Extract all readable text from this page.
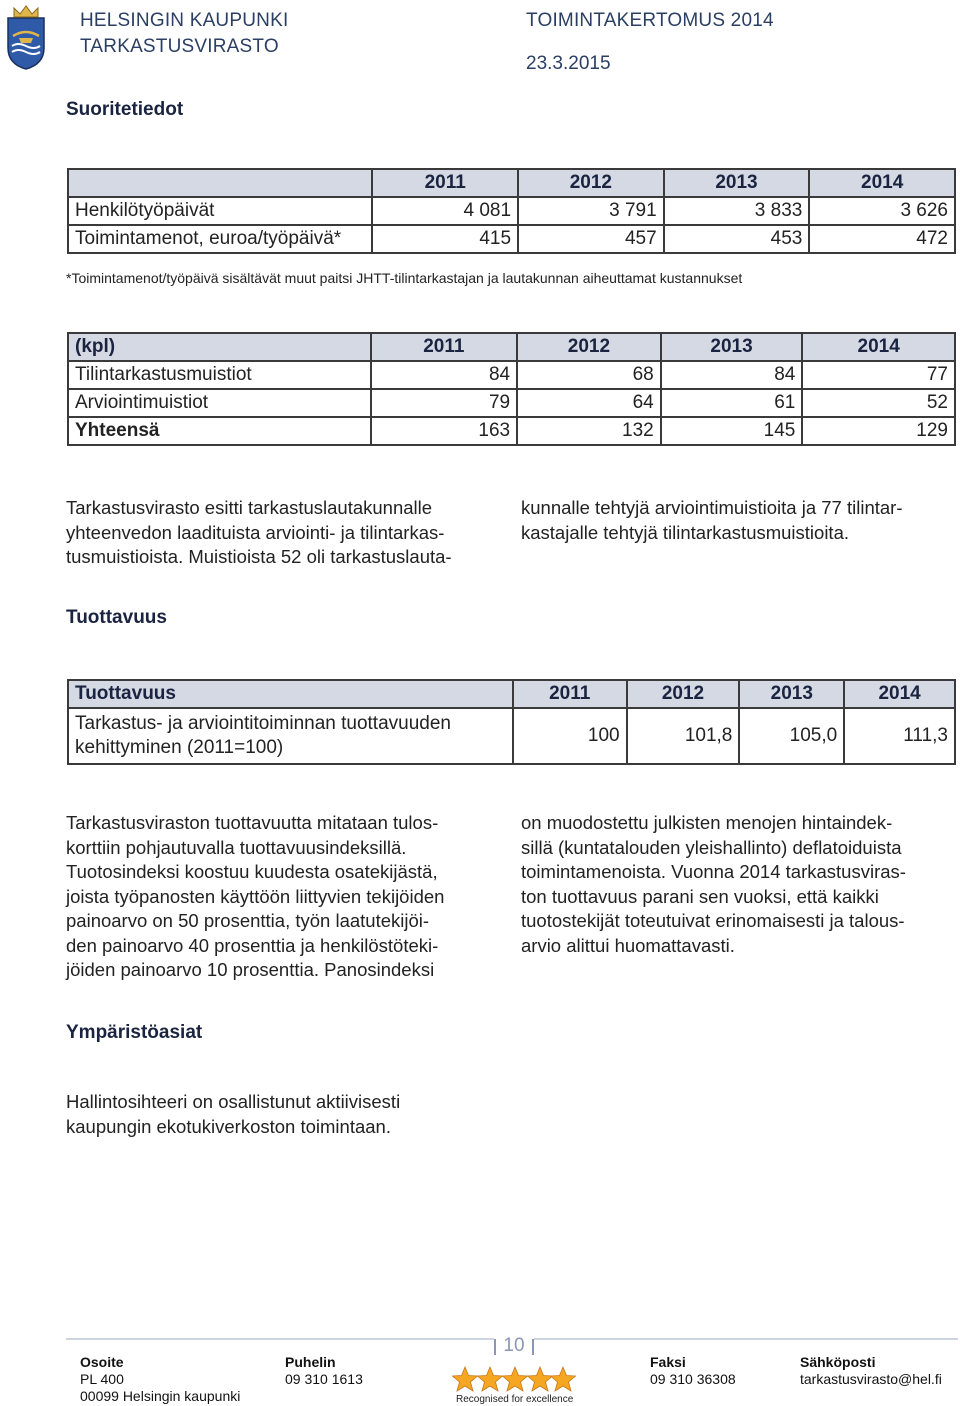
HELSINGIN KAUPUNKI
TARKASTUSVIRASTO
TOIMINTAKERTOMUS 2014
23.3.2015
Suoritetiedot
	2011	2012	2013	2014
Henkilötyöpäivät	4 081	3 791	3 833	3 626
Toimintamenot, euroa/työpäivä*	415	457	453	472
*Toimintamenot/työpäivä sisältävät muut paitsi JHTT-tilintarkastajan ja lautakunnan aiheuttamat kustannukset
(kpl)	2011	2012	2013	2014
Tilintarkastusmuistiot	84	68	84	77
Arviointimuistiot	79	64	61	52
Yhteensä	163	132	145	129
Tarkastusvirasto esitti tarkastuslautakunnalle
yhteenvedon laadituista arviointi- ja tilintarkas-
tusmuistioista. Muistioista 52 oli tarkastuslauta-
kunnalle tehtyjä arviointimuistioita ja 77 tilintar-
kastajalle tehtyjä tilintarkastusmuistioita.
Tuottavuus
Tuottavuus	2011	2012	2013	2014

Tarkastus- ja arviointitoiminnan tuottavuuden
kehittyminen (2011=100)	100	101,8	105,0	111,3
Tarkastusviraston tuottavuutta mitataan tulos-
korttiin pohjautuvalla tuottavuusindeksillä.
Tuotosindeksi koostuu kuudesta osatekijästä,
joista työpanosten käyttöön liittyvien tekijöiden
painoarvo on 50 prosenttia, työn laatutekijöi-
den painoarvo 40 prosenttia ja henkilöstöteki-
jöiden painoarvo 10 prosenttia. Panosindeksi
on muodostettu julkisten menojen hintaindek-
sillä (kuntatalouden yleishallinto) deflatoiduista
toimintamenoista. Vuonna 2014 tarkastusviras-
ton tuottavuus parani sen vuoksi, että kaikki
tuotostekijät toteutuivat erinomaisesti ja talous-
arvio alittui huomattavasti.
Ympäristöasiat
Hallintosihteeri on osallistunut aktiivisesti
kaupungin ekotukiverkoston toimintaan.
10
Osoite
PL 400
00099 Helsingin kaupunki
Puhelin
09 310 1613
Recognised for excellence
Faksi
09 310 36308
Sähköposti
tarkastusvirasto@hel.fi
